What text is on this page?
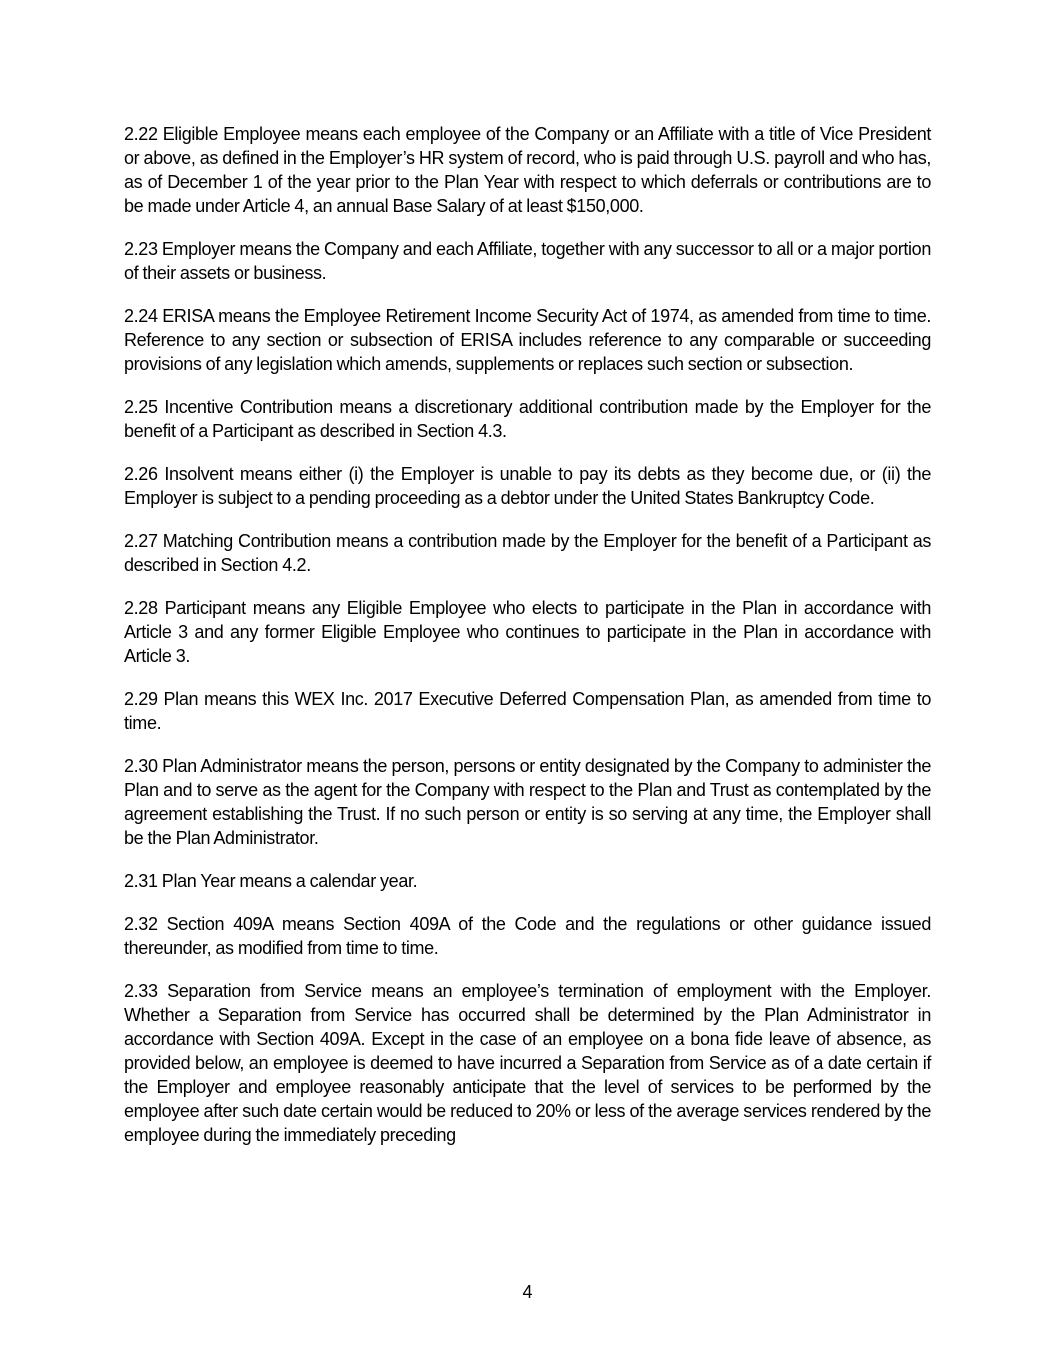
2.22 Eligible Employee means each employee of the Company or an Affiliate with a title of Vice President or above, as defined in the Employer’s HR system of record, who is paid through U.S. payroll and who has, as of December 1 of the year prior to the Plan Year with respect to which deferrals or contributions are to be made under Article 4, an annual Base Salary of at least $150,000.

2.23 Employer means the Company and each Affiliate, together with any successor to all or a major portion of their assets or business.

2.24 ERISA means the Employee Retirement Income Security Act of 1974, as amended from time to time. Reference to any section or subsection of ERISA includes reference to any comparable or succeeding provisions of any legislation which amends, supplements or replaces such section or subsection.

2.25 Incentive Contribution means a discretionary additional contribution made by the Employer for the benefit of a Participant as described in Section 4.3.

2.26 Insolvent means either (i) the Employer is unable to pay its debts as they become due, or (ii) the Employer is subject to a pending proceeding as a debtor under the United States Bankruptcy Code.

2.27 Matching Contribution means a contribution made by the Employer for the benefit of a Participant as described in Section 4.2.

2.28 Participant means any Eligible Employee who elects to participate in the Plan in accordance with Article 3 and any former Eligible Employee who continues to participate in the Plan in accordance with Article 3.

2.29 Plan means this WEX Inc. 2017 Executive Deferred Compensation Plan, as amended from time to time.

2.30 Plan Administrator means the person, persons or entity designated by the Company to administer the Plan and to serve as the agent for the Company with respect to the Plan and Trust as contemplated by the agreement establishing the Trust. If no such person or entity is so serving at any time, the Employer shall be the Plan Administrator.

2.31 Plan Year means a calendar year.

2.32 Section 409A means Section 409A of the Code and the regulations or other guidance issued thereunder, as modified from time to time.

2.33 Separation from Service means an employee’s termination of employment with the Employer. Whether a Separation from Service has occurred shall be determined by the Plan Administrator in accordance with Section 409A. Except in the case of an employee on a bona fide leave of absence, as provided below, an employee is deemed to have incurred a Separation from Service as of a date certain if the Employer and employee reasonably anticipate that the level of services to be performed by the employee after such date certain would be reduced to 20% or less of the average services rendered by the employee during the immediately preceding

4
